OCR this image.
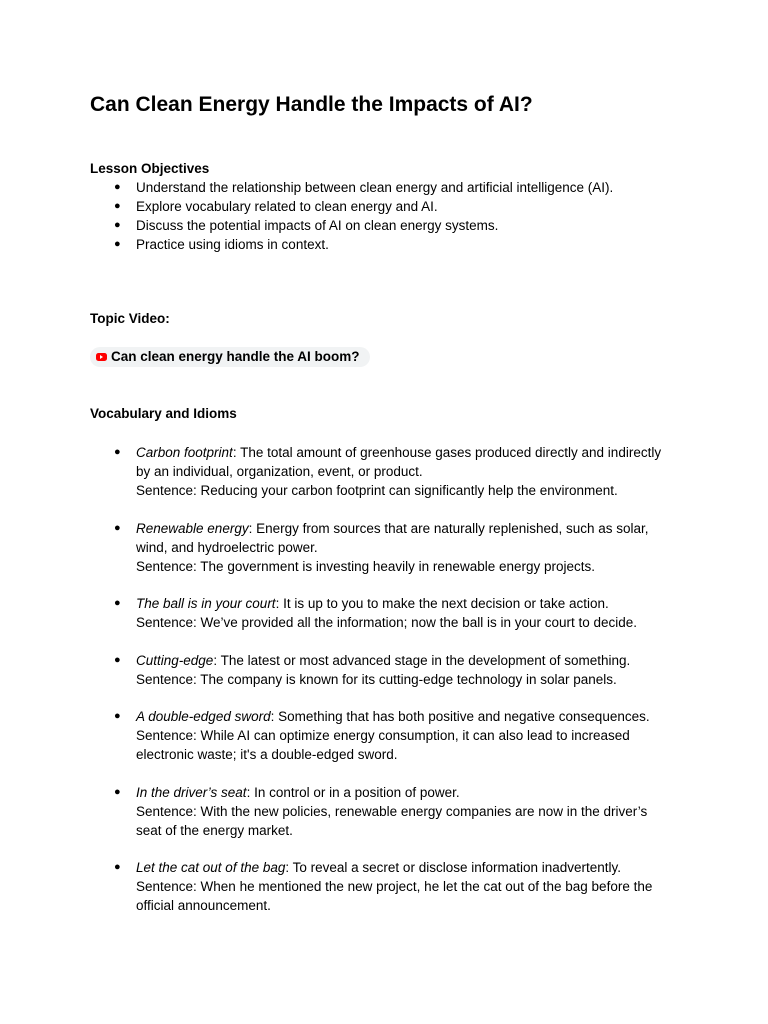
Can Clean Energy Handle the Impacts of AI?
Lesson Objectives
● Understand the relationship between clean energy and artificial intelligence (AI).
● Explore vocabulary related to clean energy and AI.
● Discuss the potential impacts of AI on clean energy systems.
● Practice using idioms in context.
Topic Video:
Can clean energy handle the AI boom?
Vocabulary and Idioms
● Carbon footprint: The total amount of greenhouse gases produced directly and indirectly
by an individual, organization, event, or product.
Sentence: Reducing your carbon footprint can significantly help the environment.
● Renewable energy: Energy from sources that are naturally replenished, such as solar,
wind, and hydroelectric power.
Sentence: The government is investing heavily in renewable energy projects.
● The ball is in your court: It is up to you to make the next decision or take action.
Sentence: We’ve provided all the information; now the ball is in your court to decide.
● Cutting-edge: The latest or most advanced stage in the development of something.
Sentence: The company is known for its cutting-edge technology in solar panels.
● A double-edged sword: Something that has both positive and negative consequences.
Sentence: While AI can optimize energy consumption, it can also lead to increased
electronic waste; it's a double-edged sword.
● In the driver’s seat: In control or in a position of power.
Sentence: With the new policies, renewable energy companies are now in the driver’s
seat of the energy market.
● Let the cat out of the bag: To reveal a secret or disclose information inadvertently.
Sentence: When he mentioned the new project, he let the cat out of the bag before the
official announcement.
